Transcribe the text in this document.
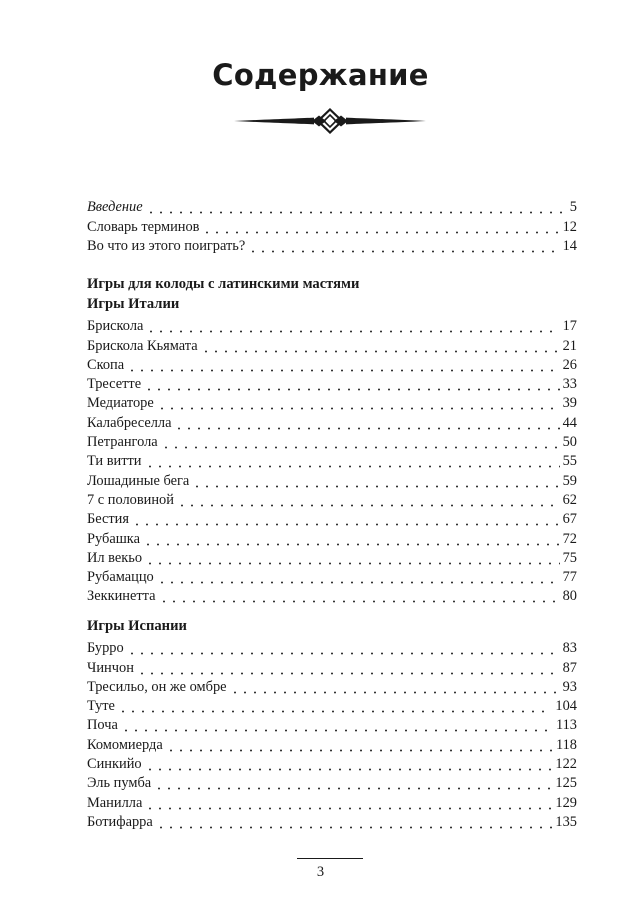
Содержание
Введение	5
Словарь терминов	12
Во что из этого поиграть?	14
Игры для колоды с латинскими мастями
Игры Италии
Брискола	17
Брискола Кьямата	21
Скопа	26
Тресетте	33
Медиаторе	39
Калабреселла	44
Петранголa	50
Ти витти	55
Лошадиные бега	59
7 с половиной	62
Бестия	67
Рубашка	72
Ил векьо	75
Рубамаццо	77
Зеккинетта	80
Игры Испании
Бурро	83
Чинчон	87
Тресильо, он же омбре	93
Туте	104
Поча	113
Комомиерда	118
Синкийо	122
Эль пумба	125
Манилла	129
Ботифарра	135
3
